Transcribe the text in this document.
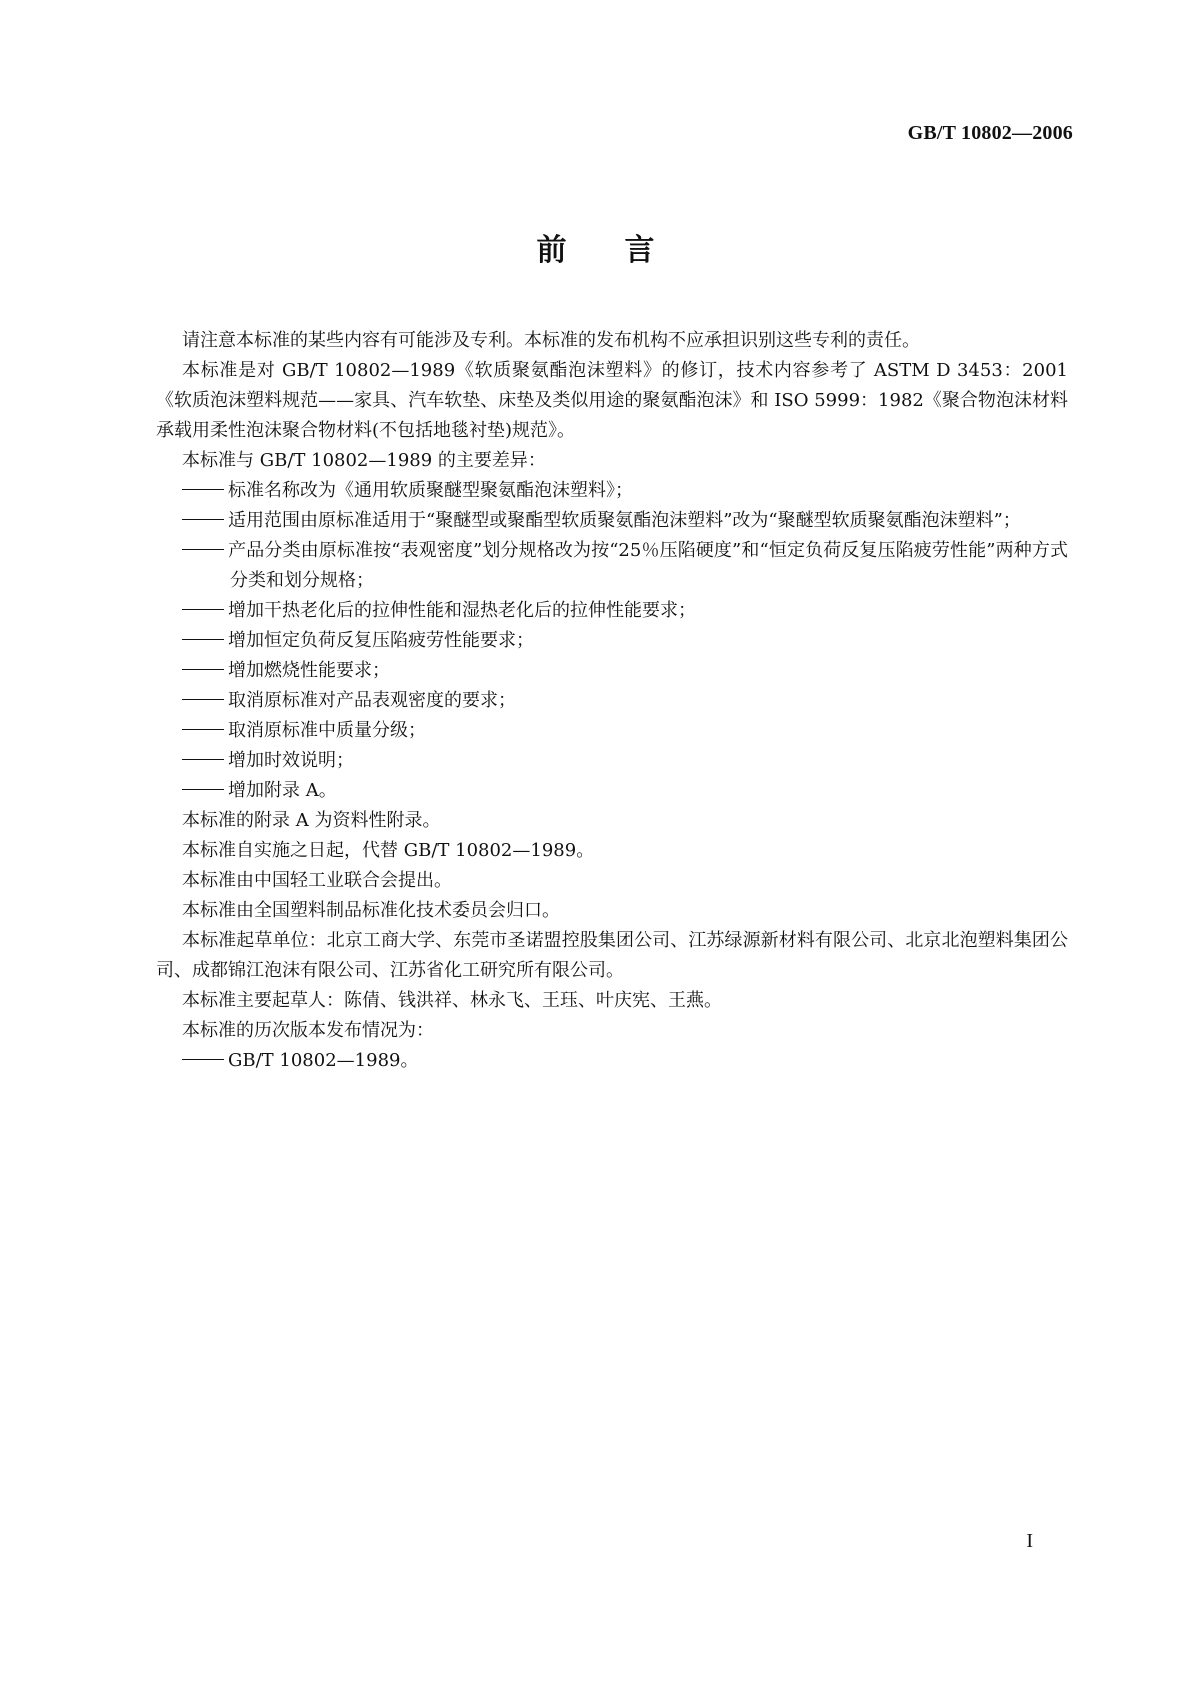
GB/T 10802—2006
前 言

请注意本标准的某些内容有可能涉及专利。本标准的发布机构不应承担识别这些专利的责任。

本标准是对 GB/T 10802—1989《软质聚氨酯泡沫塑料》的修订，技术内容参考了 ASTM D 3453：2001《软质泡沫塑料规范——家具、汽车软垫、床垫及类似用途的聚氨酯泡沫》和 ISO 5999：1982《聚合物泡沫材料承载用柔性泡沫聚合物材料(不包括地毯衬垫)规范》。

本标准与 GB/T 10802—1989 的主要差异：

标准名称改为《通用软质聚醚型聚氨酯泡沫塑料》；

适用范围由原标准适用于“聚醚型或聚酯型软质聚氨酯泡沫塑料”改为“聚醚型软质聚氨酯泡沫塑料”；

产品分类由原标准按“表观密度”划分规格改为按“25％压陷硬度”和“恒定负荷反复压陷疲劳性能”两种方式分类和划分规格；

增加干热老化后的拉伸性能和湿热老化后的拉伸性能要求；

增加恒定负荷反复压陷疲劳性能要求；

增加燃烧性能要求；

取消原标准对产品表观密度的要求；

取消原标准中质量分级；

增加时效说明；

增加附录 A。

本标准的附录 A 为资料性附录。

本标准自实施之日起，代替 GB/T 10802—1989。

本标准由中国轻工业联合会提出。

本标准由全国塑料制品标准化技术委员会归口。

本标准起草单位：北京工商大学、东莞市圣诺盟控股集团公司、江苏绿源新材料有限公司、北京北泡塑料集团公司、成都锦江泡沫有限公司、江苏省化工研究所有限公司。

本标准主要起草人：陈倩、钱洪祥、林永飞、王珏、叶庆宪、王燕。

本标准的历次版本发布情况为：

GB/T 10802—1989。

I
